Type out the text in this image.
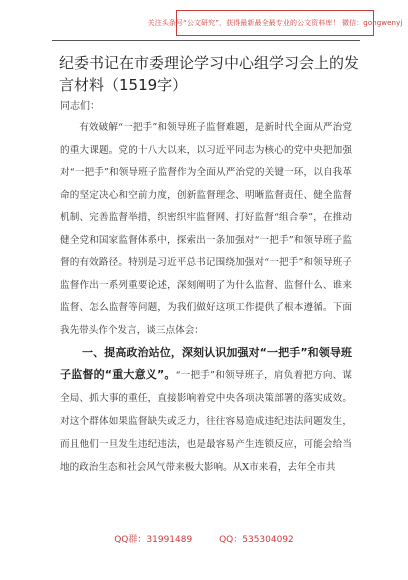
关注头条号“公文研究”，获得最新最全最专业的公文资料库！ 微信：gongwenyj
纪委书记在市委理论学习中心组学习会上的发言材料（1519字）
同志们：

有效破解“一把手”和领导班子监督难题，是新时代全面从严治党的重大课题。党的十八大以来，以习近平同志为核心的党中央把加强对“一把手”和领导班子监督作为全面从严治党的关键一环，以自我革命的坚定决心和空前力度，创新监督理念、明晰监督责任、健全监督机制、完善监督举措，织密织牢监督网、打好监督“组合拳”，在推动健全党和国家监督体系中，探索出一条加强对“一把手”和领导班子监督的有效路径。特别是习近平总书记围绕加强对“一把手”和领导班子监督作出一系列重要论述，深刻阐明了为什么监督、监督什么、谁来监督、怎么监督等问题，为我们做好这项工作提供了根本遵循。下面我先带头作个发言，谈三点体会：

一、提高政治站位，深刻认识加强对“一把手”和领导班子监督的“重大意义”。“一把手”和领导班子，肩负着把方向、谋全局、抓大事的重任，直接影响着党中央各项决策部署的落实成效。对这个群体如果监督缺失或乏力，往往容易造成违纪违法问题发生，而且他们一旦发生违纪违法，也是最容易产生连锁反应，可能会给当地的政治生态和社会风气带来极大影响。从X市来看，去年全市共

QQ群：31991489	QQ：535304092
